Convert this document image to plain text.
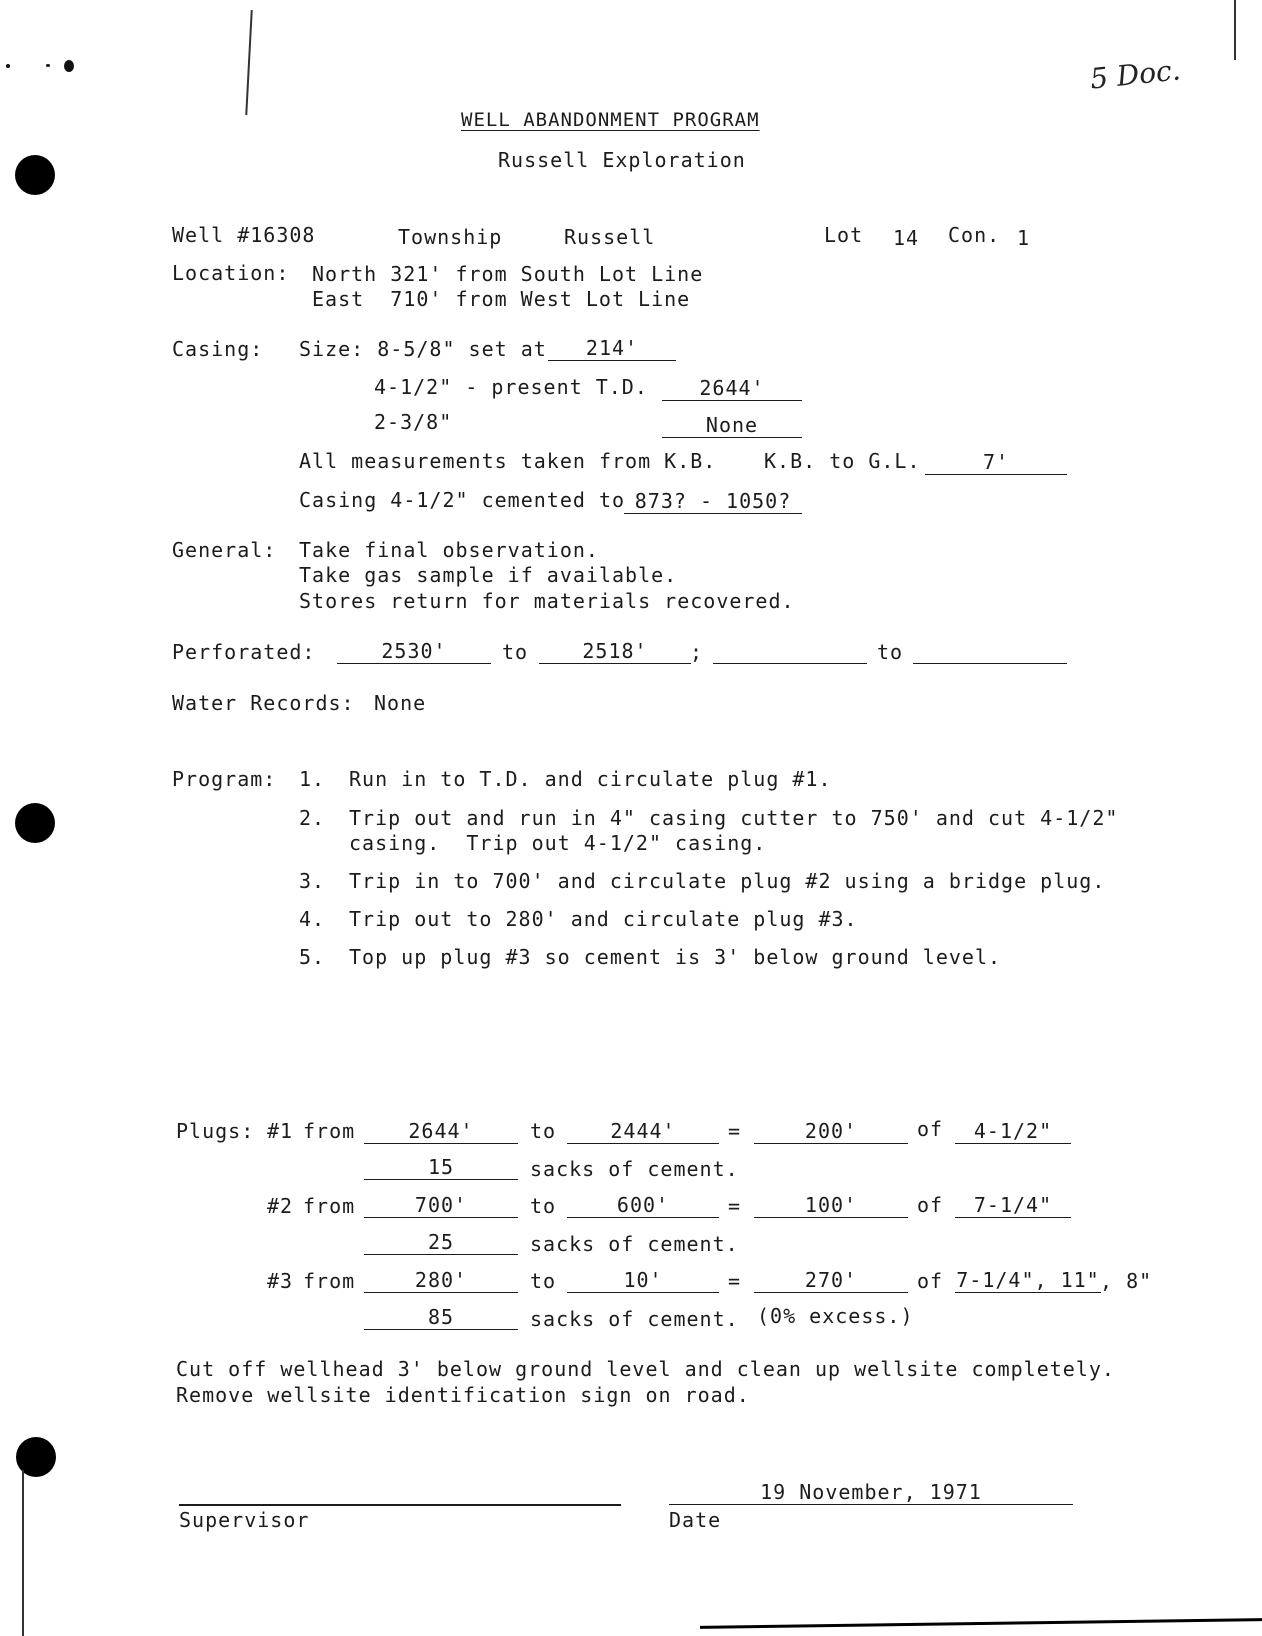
5 Doc.
WELL ABANDONMENT PROGRAM
Russell Exploration
Well #16308	Township	Russell	Lot 14 Con. 1
Location: North 321' from South Lot Line
East  710' from West Lot Line
Casing: Size: 8-5/8" set at	214'
4-1/2" - present T.D.	2644'
2-3/8"	None
All measurements taken from K.B. K.B. to G.L.	7'
Casing 4-1/2" cemented to 873? - 1050?
General: Take final observation.
Take gas sample if available.
Stores return for materials recovered.
Perforated:	2530'	to	2518'	;	to
Water Records: None
Program: 1. Run in to T.D. and circulate plug #1.
2. Trip out and run in 4" casing cutter to 750' and cut 4-1/2"
casing.  Trip out 4-1/2" casing.
3. Trip in to 700' and circulate plug #2 using a bridge plug.
4. Trip out to 280' and circulate plug #3.
5. Top up plug #3 so cement is 3' below ground level.
Plugs: #1 from	2644'	to	2444'	=	200'	of	4-1/2"
15	sacks of cement.
#2 from	700'	to	600'	=	100'	of	7-1/4"
25	sacks of cement.
#3 from	280'	to	10'	=	270'	of 7-1/4", 11" , 8"
85	sacks of cement. (0% excess.)
Cut off wellhead 3' below ground level and clean up wellsite completely.
Remove wellsite identification sign on road.
Supervisor
19 November, 1971
Date
